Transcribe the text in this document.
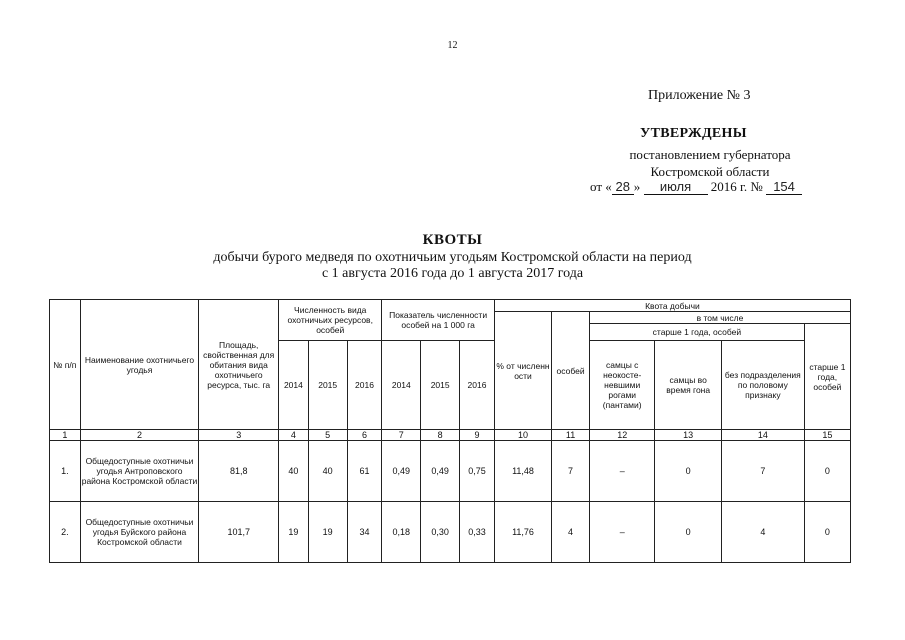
12
Приложение № 3
УТВЕРЖДЕНЫ
постановлением губернатора
Костромской области
от « 28 » июля 2016 г. № 154
КВОТЫ
добычи бурого медведя по охотничьим угодьям Костромской области на период
с 1 августа 2016 года до 1 августа 2017 года
№ п/п	Наименование охотничьего угодья	Площадь, свойственная для обитания вида охотничьего ресурса, тыс. га	Численность вида охотничьих ресурсов, особей			Показатель численности особей на 1 000 га			Квота добычи					
									% от численн ости	особей	в том числе			
											старше 1 года, особей			старше 1 года, особей
			2014	2015	2016	2014	2015	2016			самцы с неокосте-невшими рогами (пантами)	самцы во время гона	без подразделения по половому признаку	
1	2	3	4	5	6	7	8	9	10	11	12	13	14	15
1.	Общедоступные охотничьи угодья Антроповского района Костромской области	81,8	40	40	61	0,49	0,49	0,75	11,48	7	–	0	7	0
2.	Общедоступные охотничьи угодья Буйского района Костромской области	101,7	19	19	34	0,18	0,30	0,33	11,76	4	–	0	4	0
